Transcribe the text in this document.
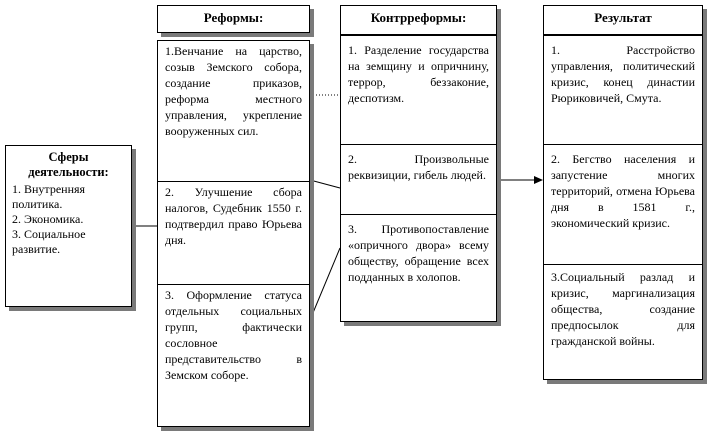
Сферы деятельности:
1. Внутренняя политика.
2. Экономика.
3. Социальное развитие.
Реформы:
1.Венчание на царство, созыв Земского собора, создание приказов, реформа местного управления, укрепление вооруженных сил.
2. Улучшение сбора налогов, Судебник 1550 г. подтвердил право Юрьева дня.
3. Оформление статуса отдельных социальных групп, фактически сословное представительство в Земском соборе.
Контрреформы:
1. Разделение государства на земщину и опричнину, террор, беззаконие, деспотизм.
2. Произвольные реквизиции, гибель людей.
3. Противопоставление «опричного двора» всему обществу, обращение всех подданных в холопов.
Результат
1. Расстройство управления, политический кризис, конец династии Рюриковичей, Смута.
2. Бегство населения и запустение многих территорий, отмена Юрьева дня в 1581 г., экономический кризис.
3.Социальный разлад и кризис, маргинализация общества, создание предпосылок для гражданской войны.
